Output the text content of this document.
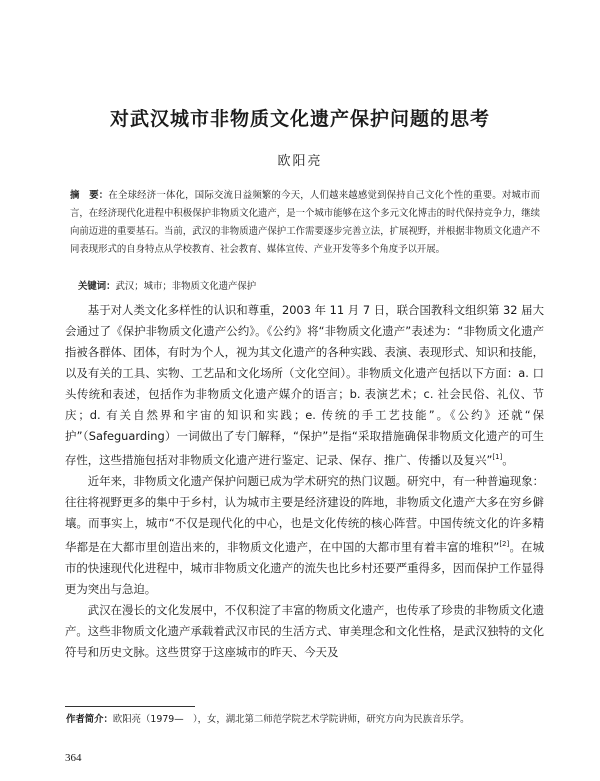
对武汉城市非物质文化遗产保护问题的思考
欧阳亮
摘　要：在全球经济一体化，国际交流日益频繁的今天，人们越来越感觉到保持自己文化个性的重要。对城市而言，在经济现代化进程中积极保护非物质文化遗产，是一个城市能够在这个多元文化博击的时代保持竞争力，继续向前迈进的重要基石。当前，武汉的非物质遗产保护工作需要逐步完善立法，扩展视野，并根据非物质文化遗产不同表现形式的自身特点从学校教育、社会教育、媒体宣传、产业开发等多个角度予以开展。
关键词：武汉；城市；非物质文化遗产保护

基于对人类文化多样性的认识和尊重，2003 年 11 月 7 日，联合国教科文组织第 32 届大会通过了《保护非物质文化遗产公约》。《公约》将“非物质文化遗产”表述为：“非物质文化遗产指被各群体、团体，有时为个人，视为其文化遗产的各种实践、表演、表现形式、知识和技能，以及有关的工具、实物、工艺品和文化场所（文化空间）。非物质文化遗产包括以下方面：a. 口头传统和表述，包括作为非物质文化遗产媒介的语言；b. 表演艺术；c. 社会民俗、礼仪、节庆；d. 有关自然界和宇宙的知识和实践；e. 传统的手工艺技能”。《公约》还就“保护”（Safeguarding）一词做出了专门解释，“保护”是指“采取措施确保非物质文化遗产的可生存性，这些措施包括对非物质文化遗产进行鉴定、记录、保存、推广、传播以及复兴”[1]。

近年来，非物质文化遗产保护问题已成为学术研究的热门议题。研究中，有一种普遍现象：往往将视野更多的集中于乡村，认为城市主要是经济建设的阵地，非物质文化遗产大多在穷乡僻壤。而事实上，城市“不仅是现代化的中心，也是文化传统的核心阵营。中国传统文化的许多精华都是在大都市里创造出来的，非物质文化遗产，在中国的大都市里有着丰富的堆积”[2]。在城市的快速现代化进程中，城市非物质文化遗产的流失也比乡村还要严重得多，因而保护工作显得更为突出与急迫。

武汉在漫长的文化发展中，不仅积淀了丰富的物质文化遗产，也传承了珍贵的非物质文化遗产。这些非物质文化遗产承载着武汉市民的生活方式、审美理念和文化性格，是武汉独特的文化符号和历史文脉。这些贯穿于这座城市的昨天、今天及

作者简介：欧阳亮（1979—　），女，湖北第二师范学院艺术学院讲师，研究方向为民族音乐学。
364
